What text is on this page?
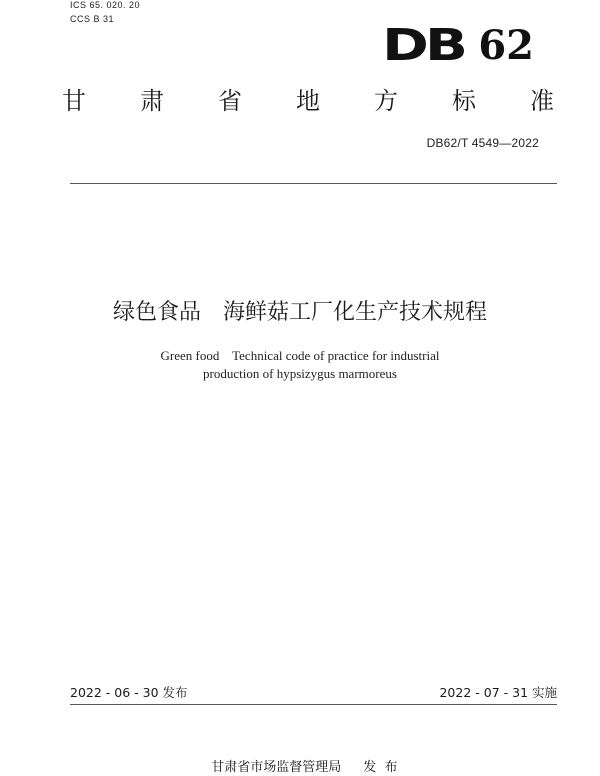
ICS 65. 020. 20
CCS B 31
DB 62
甘 肃 省 地 方 标 准
DB62/T 4549—2022
绿色食品　海鲜菇工厂化生产技术规程
Green food    Technical code of practice for industrial
production of hypsizygus marmoreus
2022 - 06 - 30 发布	2022 - 07 - 31 实施

甘肃省市场监督管理局 发  布
